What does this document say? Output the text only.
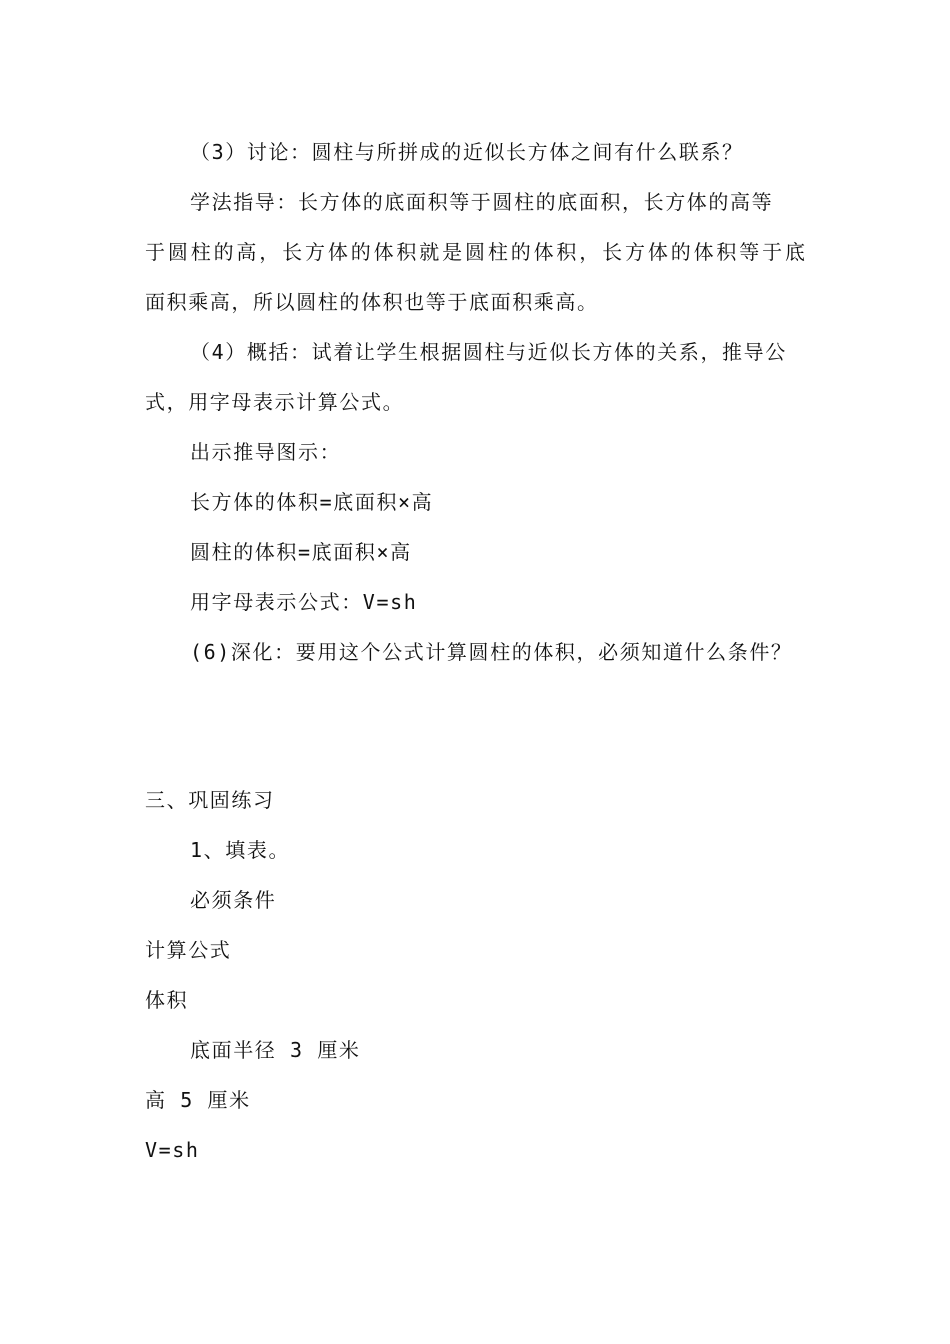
（3）讨论：圆柱与所拼成的近似长方体之间有什么联系？
学法指导：长方体的底面积等于圆柱的底面积，长方体的高等
于圆柱的高，长方体的体积就是圆柱的体积，长方体的体积等于底
面积乘高，所以圆柱的体积也等于底面积乘高。
（4）概括：试着让学生根据圆柱与近似长方体的关系，推导公
式，用字母表示计算公式。
出示推导图示：
长方体的体积=底面积×高
圆柱的体积=底面积×高
用字母表示公式：V=sh
(6)深化：要用这个公式计算圆柱的体积，必须知道什么条件？
三、巩固练习
1、填表。
必须条件
计算公式
体积
底面半径 3 厘米
高 5 厘米
V=sh
